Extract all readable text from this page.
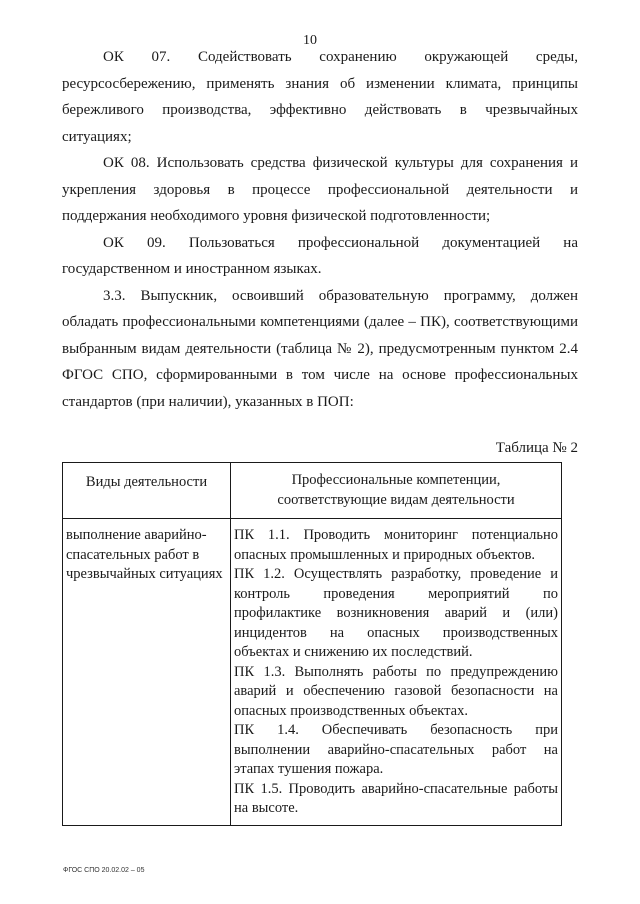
10

ОК 07. Содействовать сохранению окружающей среды, ресурсосбережению, применять знания об изменении климата, принципы бережливого производства, эффективно действовать в чрезвычайных ситуациях;

ОК 08. Использовать средства физической культуры для сохранения и укрепления здоровья в процессе профессиональной деятельности и поддержания необходимого уровня физической подготовленности;

ОК 09. Пользоваться профессиональной документацией на государственном и иностранном языках.

3.3. Выпускник, освоивший образовательную программу, должен обладать профессиональными компетенциями (далее – ПК), соответствующими выбранным видам деятельности (таблица № 2), предусмотренным пунктом 2.4 ФГОС СПО, сформированными в том числе на основе профессиональных стандартов (при наличии), указанных в ПОП:

Таблица № 2
Виды деятельности	Профессиональные компетенции, соответствующие видам деятельности
выполнение аварийно-спасательных работ в чрезвычайных ситуациях	ПК 1.1. Проводить мониторинг потенциально опасных промышленных и природных объектов.
ПК 1.2. Осуществлять разработку, проведение и контроль проведения мероприятий по профилактике возникновения аварий и (или) инцидентов на опасных производственных объектах и снижению их последствий.
ПК 1.3. Выполнять работы по предупреждению аварий и обеспечению газовой безопасности на опасных производственных объектах.
ПК 1.4. Обеспечивать безопасность при выполнении аварийно-спасательных работ на этапах тушения пожара.
ПК 1.5. Проводить аварийно-спасательные работы на высоте.
ФГОС СПО 20.02.02 – 05
